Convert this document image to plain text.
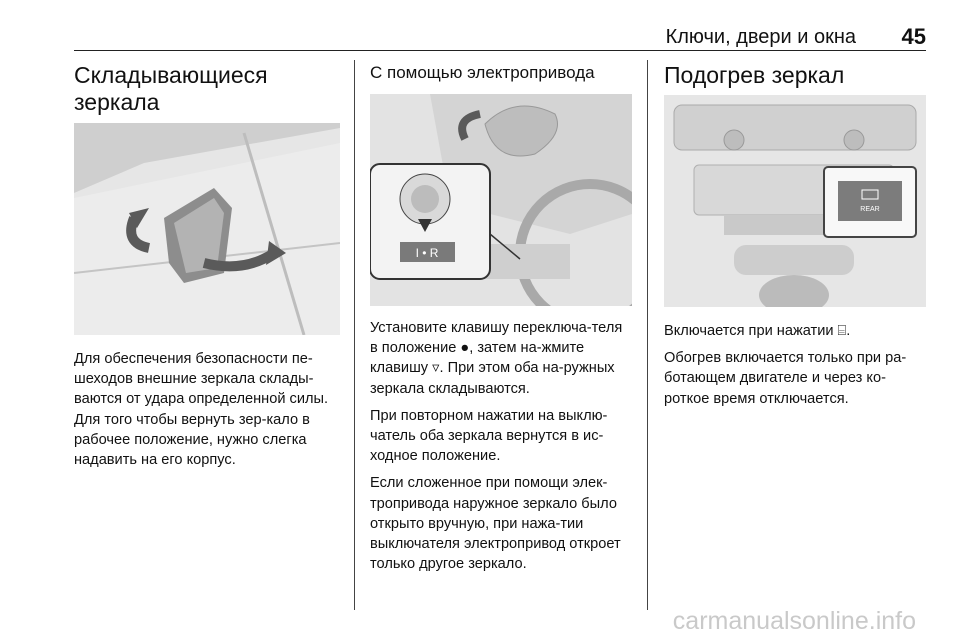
Ключи, двери и окна 45
Складывающиеся
зеркала

Для обеспечения безопасности пе-шеходов внешние зеркала склады-ваются от удара определенной силы. Для того чтобы вернуть зер-кало в рабочее положение, нужно слегка надавить на его корпус.

С помощью электропривода
I • R

Установите клавишу переключа-теля в положение ●, затем на-жмите клавишу ▿. При этом оба на-ружных зеркала складываются.

При повторном нажатии на выклю-чатель оба зеркала вернутся в ис-ходное положение.

Если сложенное при помощи элек-тропривода наружное зеркало было открыто вручную, при нажа-тии выключателя электропривод откроет только другое зеркало.

Подогрев зеркал
REAR

Включается при нажатии ⌸.

Обогрев включается только при ра-ботающем двигателе и через ко-роткое время отключается.

carmanualsonline.info
